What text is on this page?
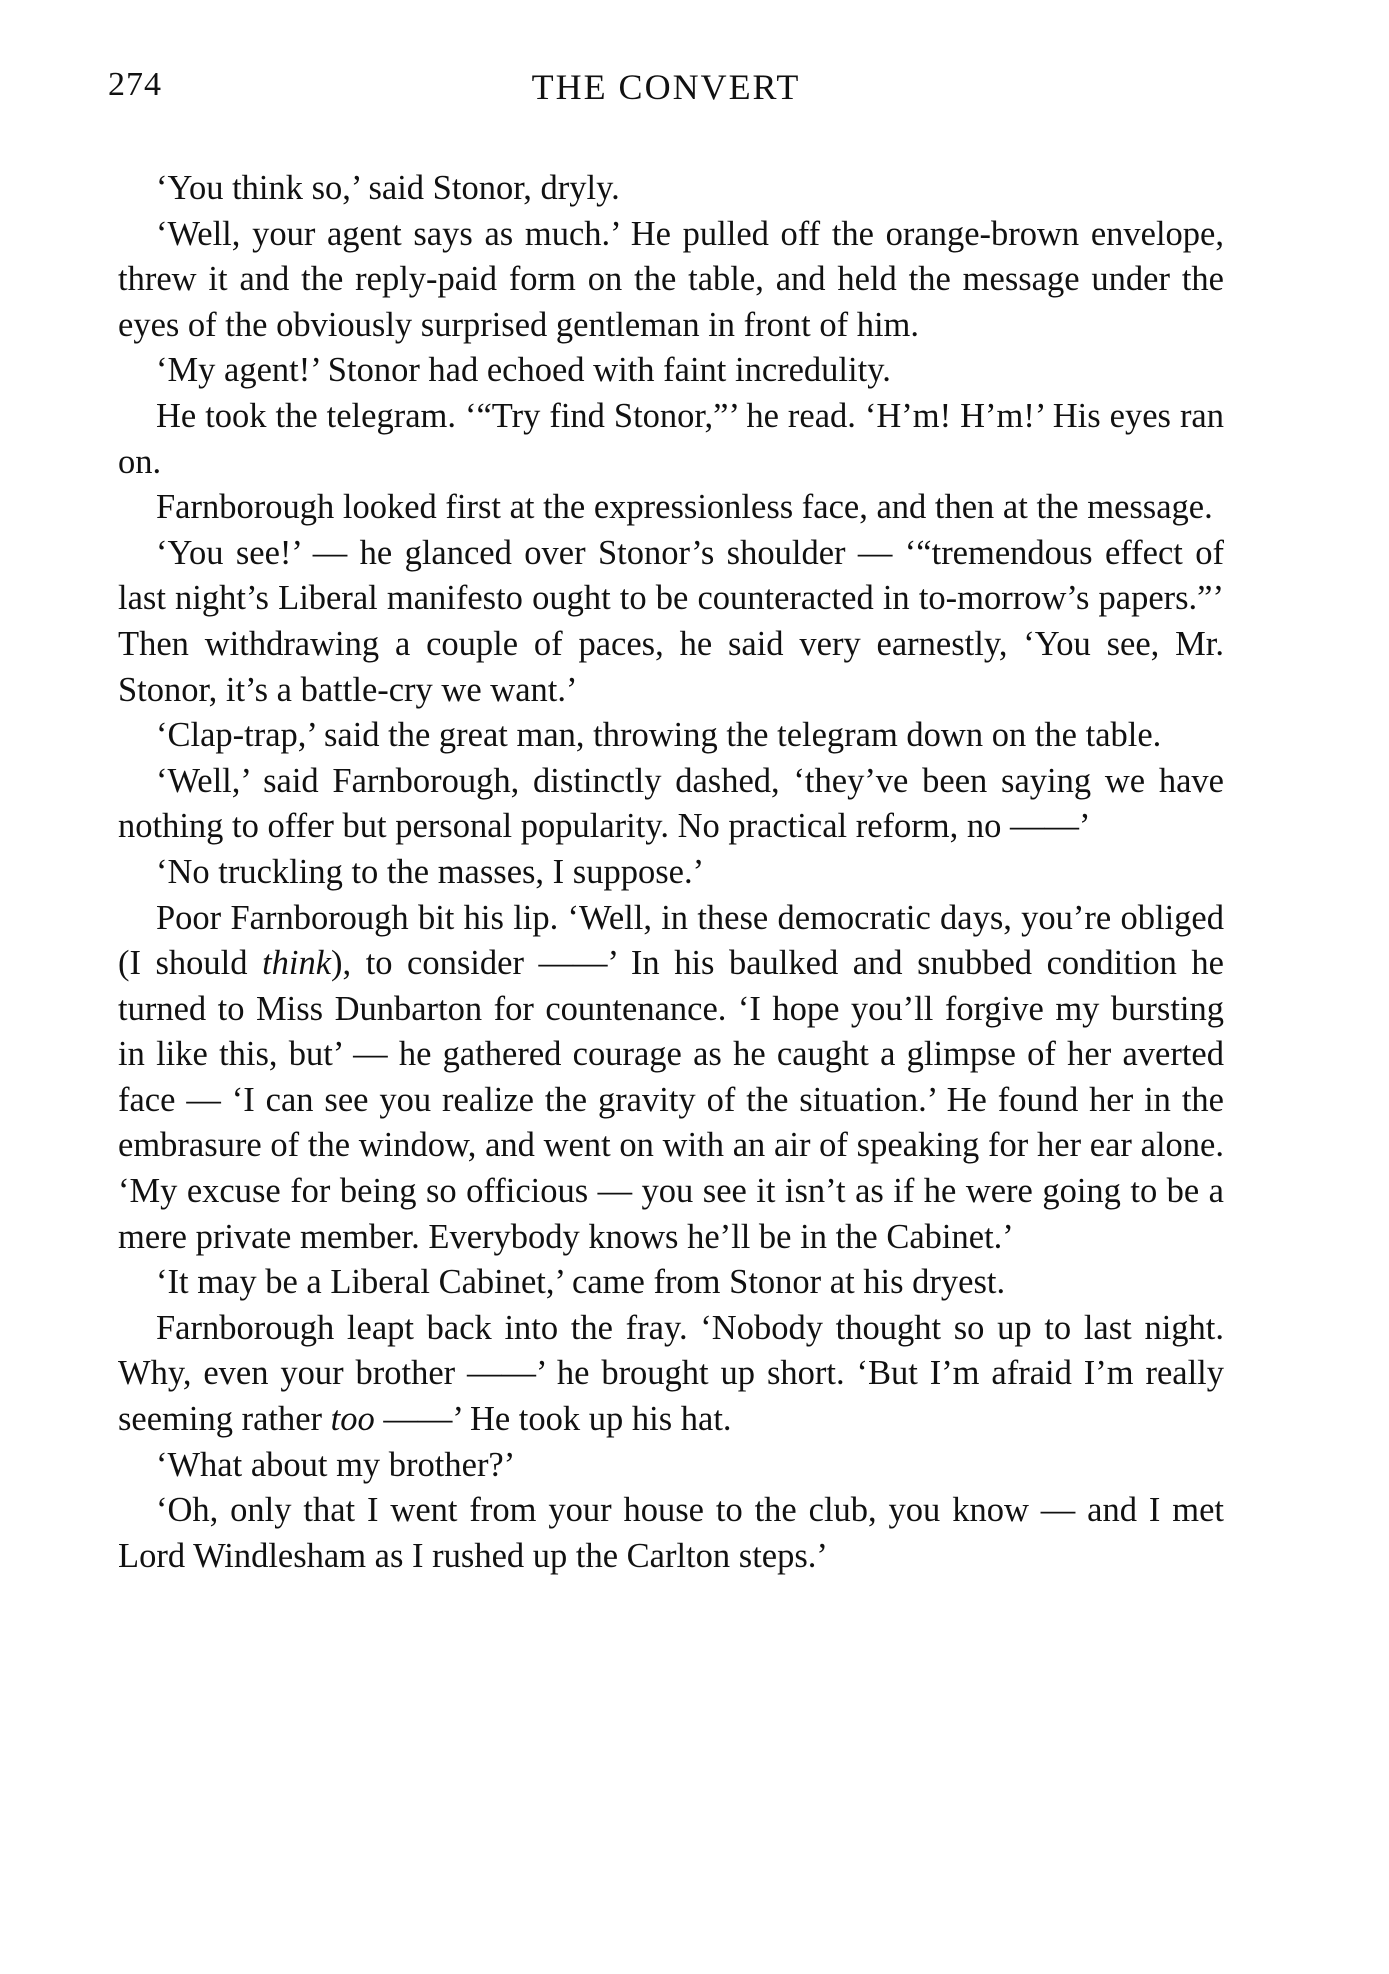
274	THE CONVERT

‘You think so,’ said Stonor, dryly.

‘Well, your agent says as much.’ He pulled off the orange-brown envelope, threw it and the reply-paid form on the table, and held the message under the eyes of the obviously surprised gentleman in front of him.

‘My agent!’ Stonor had echoed with faint incredulity.

He took the telegram. ‘“Try find Stonor,”’ he read. ‘H’m! H’m!’ His eyes ran on.

Farnborough looked first at the expressionless face, and then at the message.

‘You see!’ — he glanced over Stonor’s shoulder — ‘“tremendous effect of last night’s Liberal manifesto ought to be counteracted in to-morrow’s papers.”’ Then withdrawing a couple of paces, he said very earnestly, ‘You see, Mr. Stonor, it’s a battle-cry we want.’

‘Clap-trap,’ said the great man, throwing the telegram down on the table.

‘Well,’ said Farnborough, distinctly dashed, ‘they’ve been saying we have nothing to offer but personal popularity. No practical reform, no ——’

‘No truckling to the masses, I suppose.’

Poor Farnborough bit his lip. ‘Well, in these democratic days, you’re obliged (I should think), to consider ——’ In his baulked and snubbed condition he turned to Miss Dunbarton for countenance. ‘I hope you’ll forgive my bursting in like this, but’ — he gathered courage as he caught a glimpse of her averted face — ‘I can see you realize the gravity of the situation.’ He found her in the embrasure of the window, and went on with an air of speaking for her ear alone. ‘My excuse for being so officious — you see it isn’t as if he were going to be a mere private member. Everybody knows he’ll be in the Cabinet.’

‘It may be a Liberal Cabinet,’ came from Stonor at his dryest.

Farnborough leapt back into the fray. ‘Nobody thought so up to last night. Why, even your brother ——’ he brought up short. ‘But I’m afraid I’m really seeming rather too ——’ He took up his hat.

‘What about my brother?’

‘Oh, only that I went from your house to the club, you know — and I met Lord Windlesham as I rushed up the Carlton steps.’
